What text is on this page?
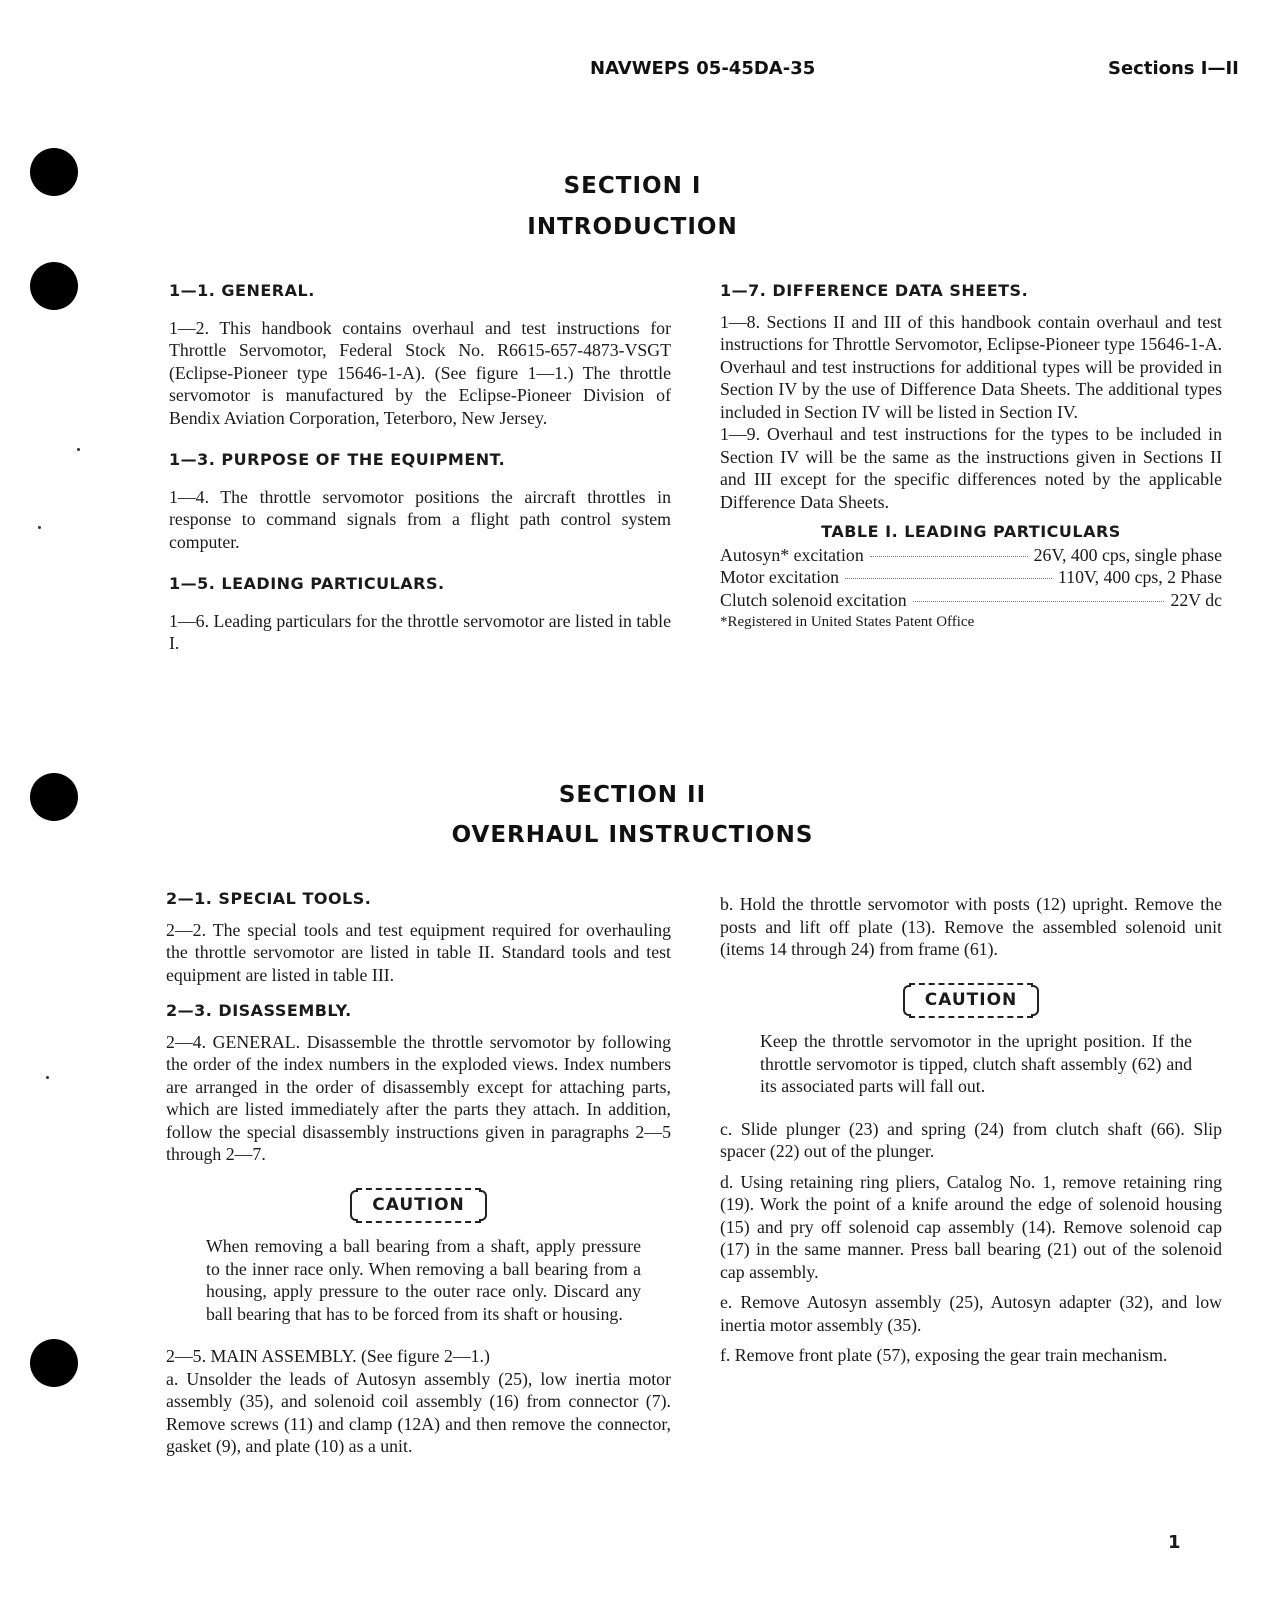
NAVWEPS 05-45DA-35	Sections I—II
SECTION I
INTRODUCTION
1—1. GENERAL.

1—2. This handbook contains overhaul and test instructions for Throttle Servomotor, Federal Stock No. R6615-657-4873-VSGT (Eclipse-Pioneer type 15646-1-A). (See figure 1—1.) The throttle servomotor is manufactured by the Eclipse-Pioneer Division of Bendix Aviation Corporation, Teterboro, New Jersey.

1—3. PURPOSE OF THE EQUIPMENT.

1—4. The throttle servomotor positions the aircraft throttles in response to command signals from a flight path control system computer.

1—5. LEADING PARTICULARS.

1—6. Leading particulars for the throttle servomotor are listed in table I.

1—7. DIFFERENCE DATA SHEETS.

1—8. Sections II and III of this handbook contain overhaul and test instructions for Throttle Servomotor, Eclipse-Pioneer type 15646-1-A. Overhaul and test instructions for additional types will be provided in Section IV by the use of Difference Data Sheets. The additional types included in Section IV will be listed in Section IV.

1—9. Overhaul and test instructions for the types to be included in Section IV will be the same as the instructions given in Sections II and III except for the specific differences noted by the applicable Difference Data Sheets.

TABLE I. LEADING PARTICULARS
Autosyn* excitation	26V, 400 cps, single phase
Motor excitation	110V, 400 cps, 2 Phase
Clutch solenoid excitation	22V dc
*Registered in United States Patent Office
SECTION II
OVERHAUL INSTRUCTIONS
2—1. SPECIAL TOOLS.

2—2. The special tools and test equipment required for overhauling the throttle servomotor are listed in table II. Standard tools and test equipment are listed in table III.

2—3. DISASSEMBLY.

2—4. GENERAL. Disassemble the throttle servomotor by following the order of the index numbers in the exploded views. Index numbers are arranged in the order of disassembly except for attaching parts, which are listed immediately after the parts they attach. In addition, follow the special disassembly instructions given in paragraphs 2—5 through 2—7.

CAUTION

When removing a ball bearing from a shaft, apply pressure to the inner race only. When removing a ball bearing from a housing, apply pressure to the outer race only. Discard any ball bearing that has to be forced from its shaft or housing.

2—5. MAIN ASSEMBLY. (See figure 2—1.)

a. Unsolder the leads of Autosyn assembly (25), low inertia motor assembly (35), and solenoid coil assembly (16) from connector (7). Remove screws (11) and clamp (12A) and then remove the connector, gasket (9), and plate (10) as a unit.

b. Hold the throttle servomotor with posts (12) upright. Remove the posts and lift off plate (13). Remove the assembled solenoid unit (items 14 through 24) from frame (61).

CAUTION

Keep the throttle servomotor in the upright position. If the throttle servomotor is tipped, clutch shaft assembly (62) and its associated parts will fall out.

c. Slide plunger (23) and spring (24) from clutch shaft (66). Slip spacer (22) out of the plunger.

d. Using retaining ring pliers, Catalog No. 1, remove retaining ring (19). Work the point of a knife around the edge of solenoid housing (15) and pry off solenoid cap assembly (14). Remove solenoid cap (17) in the same manner. Press ball bearing (21) out of the solenoid cap assembly.

e. Remove Autosyn assembly (25), Autosyn adapter (32), and low inertia motor assembly (35).

f. Remove front plate (57), exposing the gear train mechanism.

1
